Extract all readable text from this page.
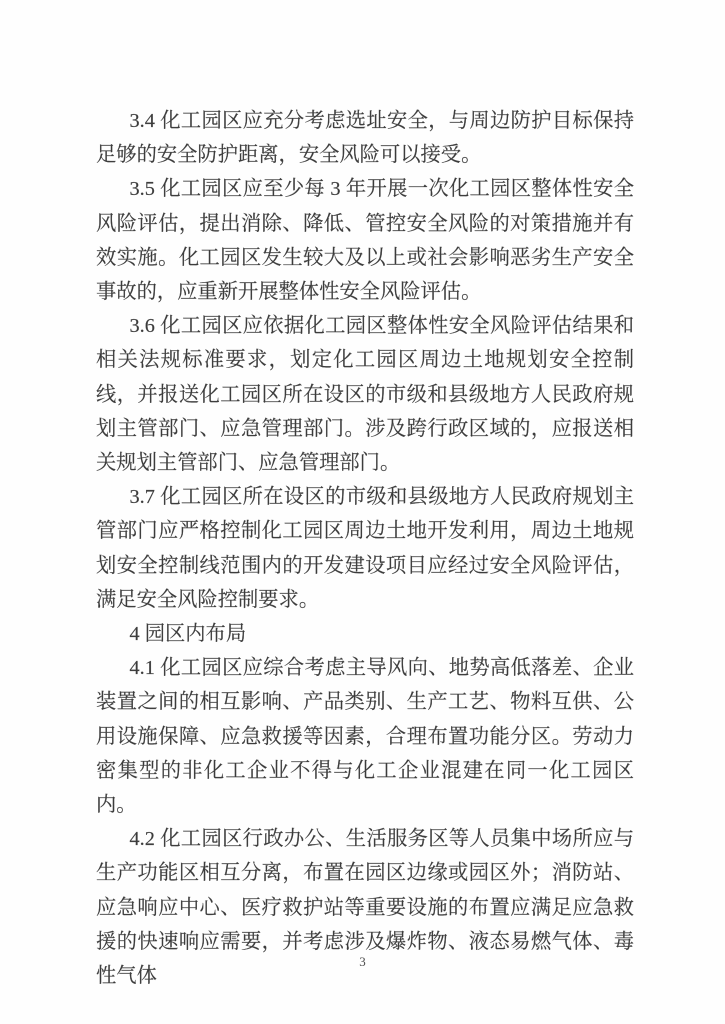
3.4 化工园区应充分考虑选址安全，与周边防护目标保持足够的安全防护距离，安全风险可以接受。

3.5 化工园区应至少每 3 年开展一次化工园区整体性安全风险评估，提出消除、降低、管控安全风险的对策措施并有效实施。化工园区发生较大及以上或社会影响恶劣生产安全事故的，应重新开展整体性安全风险评估。

3.6 化工园区应依据化工园区整体性安全风险评估结果和相关法规标准要求，划定化工园区周边土地规划安全控制线，并报送化工园区所在设区的市级和县级地方人民政府规划主管部门、应急管理部门。涉及跨行政区域的，应报送相关规划主管部门、应急管理部门。

3.7 化工园区所在设区的市级和县级地方人民政府规划主管部门应严格控制化工园区周边土地开发利用，周边土地规划安全控制线范围内的开发建设项目应经过安全风险评估，满足安全风险控制要求。

4 园区内布局

4.1 化工园区应综合考虑主导风向、地势高低落差、企业装置之间的相互影响、产品类别、生产工艺、物料互供、公用设施保障、应急救援等因素，合理布置功能分区。劳动力密集型的非化工企业不得与化工企业混建在同一化工园区内。

4.2 化工园区行政办公、生活服务区等人员集中场所应与生产功能区相互分离，布置在园区边缘或园区外；消防站、应急响应中心、医疗救护站等重要设施的布置应满足应急救援的快速响应需要，并考虑涉及爆炸物、液态易燃气体、毒性气体

3
